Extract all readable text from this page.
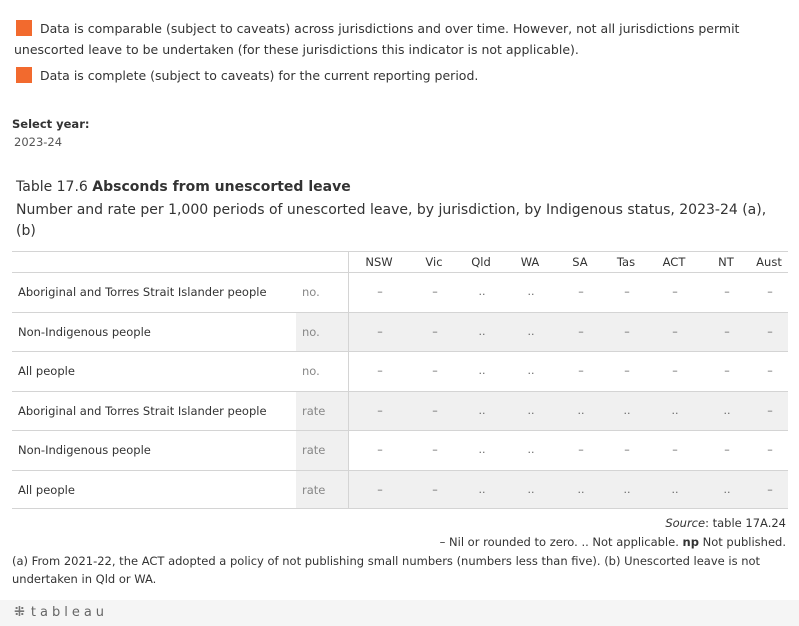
Data is comparable (subject to caveats) across jurisdictions and over time. However, not all jurisdictions permit unescorted leave to be undertaken (for these jurisdictions this indicator is not applicable).
Data is complete (subject to caveats) for the current reporting period.
Select year:
2023-24
Table 17.6 Absconds from unescorted leave
Number and rate per 1,000 periods of unescorted leave, by jurisdiction, by Indigenous status, 2023-24 (a), (b)
NSW	Vic	Qld	WA	SA	Tas	ACT	NT	Aust
Aboriginal and Torres Strait Islander people	no.	–	–	..	..	–	–	–	–	–
Non-Indigenous people	no.	–	–	..	..	–	–	–	–	–
All people	no.	–	–	..	..	–	–	–	–	–
Aboriginal and Torres Strait Islander people	rate	–	–	..	..	..	..	..	..	–
Non-Indigenous people	rate	–	–	..	..	–	–	–	–	–
All people	rate	–	–	..	..	..	..	..	..	–
Source: table 17A.24
– Nil or rounded to zero. .. Not applicable. np Not published.
(a) From 2021-22, the ACT adopted a policy of not publishing small numbers (numbers less than five). (b) Unescorted leave is not undertaken in Qld or WA.
⁜ tableau
